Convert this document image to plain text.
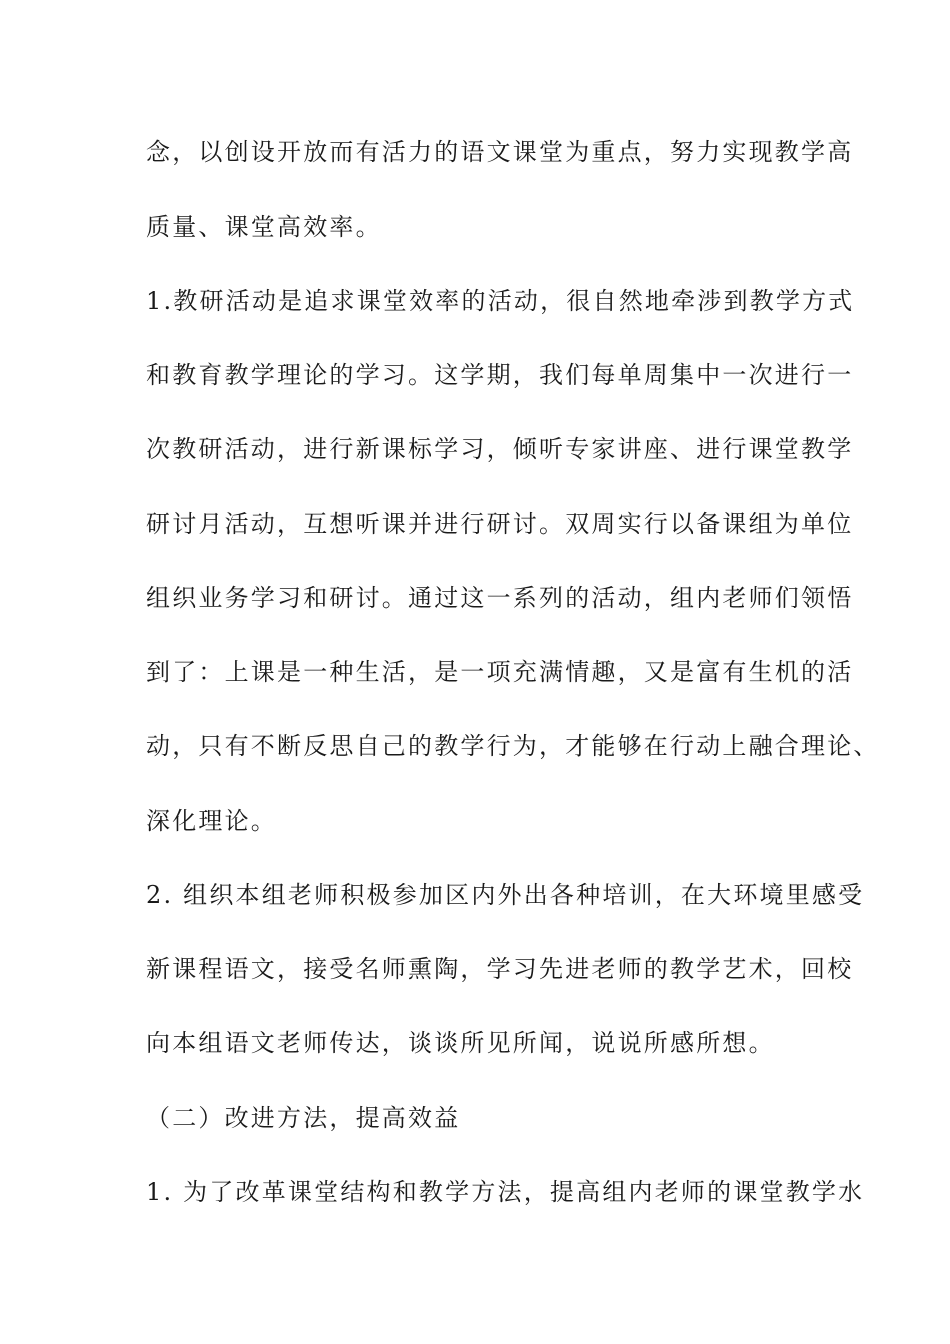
念，以创设开放而有活力的语文课堂为重点，努力实现教学高
质量、课堂高效率。
1.教研活动是追求课堂效率的活动，很自然地牵涉到教学方式
和教育教学理论的学习。这学期，我们每单周集中一次进行一
次教研活动，进行新课标学习，倾听专家讲座、进行课堂教学
研讨月活动，互想听课并进行研讨。双周实行以备课组为单位
组织业务学习和研讨。通过这一系列的活动，组内老师们领悟
到了：上课是一种生活，是一项充满情趣，又是富有生机的活
动，只有不断反思自己的教学行为，才能够在行动上融合理论、
深化理论。
2. 组织本组老师积极参加区内外出各种培训，在大环境里感受
新课程语文，接受名师熏陶，学习先进老师的教学艺术，回校
向本组语文老师传达，谈谈所见所闻，说说所感所想。
（二）改进方法，提高效益
1. 为了改革课堂结构和教学方法，提高组内老师的课堂教学水
